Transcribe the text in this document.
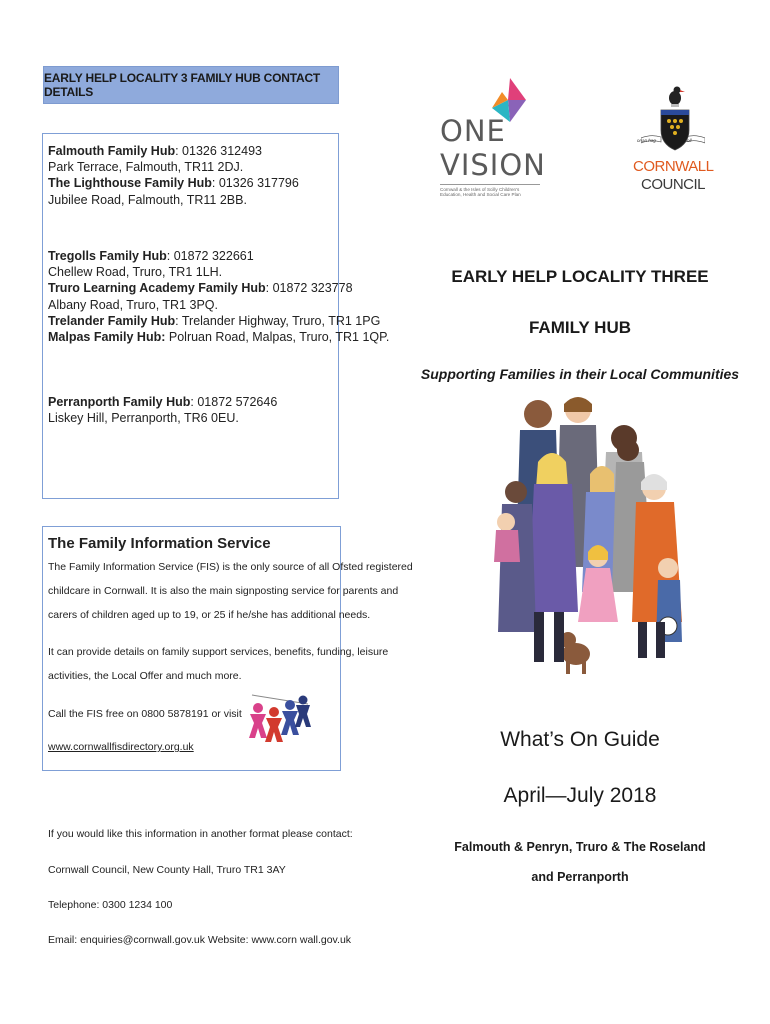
EARLY HELP LOCALITY 3 FAMILY HUB CONTACT DETAILS
Falmouth Family Hub: 01326 312493
Park Terrace, Falmouth, TR11 2DJ.
The Lighthouse Family Hub: 01326 317796
Jubilee Road, Falmouth, TR11 2BB.
Tregolls Family Hub: 01872 322661
Chellew Road, Truro, TR1 1LH.
Truro Learning Academy Family Hub: 01872 323778
Albany Road, Truro, TR1 3PQ.
Trelander Family Hub: Trelander Highway, Truro, TR1 1PG
Malpas Family Hub: Polruan Road, Malpas, Truro, TR1 1QP.
Perranporth Family Hub: 01872 572646
Liskey Hill, Perranporth, TR6 0EU.
The Family Information Service
The Family Information Service (FIS) is the only source of all Ofsted registered
childcare in Cornwall. It is also the main signposting service for parents and
carers of children aged up to 19, or 25 if he/she has additional needs.
It can provide details on family support services, benefits, funding, leisure
activities, the Local Offer and much more.
Call the FIS free on 0800 5878191 or visit
www.cornwallfisdirectory.org.uk
If you would like this information in another format please contact:
Cornwall Council, New County Hall, Truro TR1 3AY
Telephone: 0300 1234 100
Email: enquiries@cornwall.gov.uk Website: www.corn wall.gov.uk
ONE
VISION
Cornwall & the Isles of Scilly Children's
Education, Health and Social Care Plan
onan hag	oll
CORNWALL
COUNCIL
EARLY HELP LOCALITY THREE
FAMILY HUB
Supporting Families in their Local Communities
What’s On Guide
April—July 2018
Falmouth & Penryn, Truro & The Roseland
and Perranporth
